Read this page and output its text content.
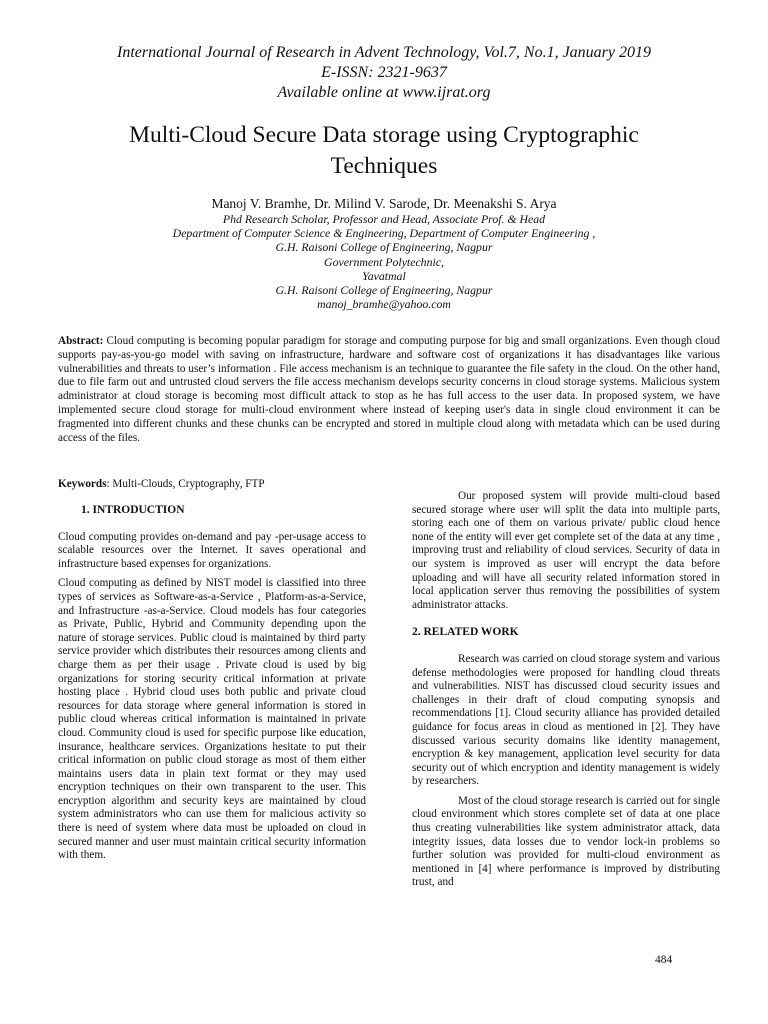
International Journal of Research in Advent Technology, Vol.7, No.1, January 2019
E-ISSN: 2321-9637
Available online at www.ijrat.org
Multi-Cloud Secure Data storage using Cryptographic
Techniques
Manoj V. Bramhe, Dr. Milind V. Sarode, Dr. Meenakshi S. Arya
Phd Research Scholar, Professor and Head, Associate Prof. & Head
Department of Computer Science & Engineering, Department of Computer Engineering ,
G.H. Raisoni College of Engineering, Nagpur
Government Polytechnic,
Yavatmal
G.H. Raisoni College of Engineering, Nagpur
manoj_bramhe@yahoo.com
Abstract: Cloud computing is becoming popular paradigm for storage and computing purpose for big and small organizations. Even though cloud supports pay-as-you-go model with saving on infrastructure, hardware and software cost of organizations it has disadvantages like various vulnerabilities and threats to user’s information . File access mechanism is an technique to guarantee the file safety in the cloud. On the other hand, due to file farm out and untrusted cloud servers the file access mechanism develops security concerns in cloud storage systems. Malicious system administrator at cloud storage is becoming most difficult attack to stop as he has full access to the user data. In proposed system, we have implemented secure cloud storage for multi-cloud environment where instead of keeping user's data in single cloud environment it can be fragmented into different chunks and these chunks can be encrypted and stored in multiple cloud along with metadata which can be used during access of the files.
Keywords: Multi-Clouds, Cryptography, FTP
1. INTRODUCTION

Cloud computing provides on-demand and pay -per-usage access to scalable resources over the Internet. It saves operational and infrastructure based expenses for organizations.

Cloud computing as defined by NIST model is classified into three types of services as Software-as-a-Service , Platform-as-a-Service, and Infrastructure -as-a-Service. Cloud models has four categories as Private, Public, Hybrid and Community depending upon the nature of storage services. Public cloud is maintained by third party service provider which distributes their resources among clients and charge them as per their usage . Private cloud is used by big organizations for storing security critical information at private hosting place . Hybrid cloud uses both public and private cloud resources for data storage where general information is stored in public cloud whereas critical information is maintained in private cloud. Community cloud is used for specific purpose like education, insurance, healthcare services. Organizations hesitate to put their critical information on public cloud storage as most of them either maintains users data in plain text format or they may used encryption techniques on their own transparent to the user. This encryption algorithm and security keys are maintained by cloud system administrators who can use them for malicious activity so there is need of system where data must be uploaded on cloud in secured manner and user must maintain critical security information with them.

Our proposed system will provide multi-cloud based secured storage where user will split the data into multiple parts, storing each one of them on various private/ public cloud hence none of the entity will ever get complete set of the data at any time , improving trust and reliability of cloud services. Security of data in our system is improved as user will encrypt the data before uploading and will have all security related information stored in local application server thus removing the possibilities of system administrator attacks.

2. RELATED WORK

Research was carried on cloud storage system and various defense methodologies were proposed for handling cloud threats and vulnerabilities. NIST has discussed cloud security issues and challenges in their draft of cloud computing synopsis and recommendations [1]. Cloud security alliance has provided detailed guidance for focus areas in cloud as mentioned in [2]. They have discussed various security domains like identity management, encryption & key management, application level security for data security out of which encryption and identity management is widely by researchers.

Most of the cloud storage research is carried out for single cloud environment which stores complete set of data at one place thus creating vulnerabilities like system administrator attack, data integrity issues, data losses due to vendor lock-in problems so further solution was provided for multi-cloud environment as mentioned in [4] where performance is improved by distributing trust, and

484
